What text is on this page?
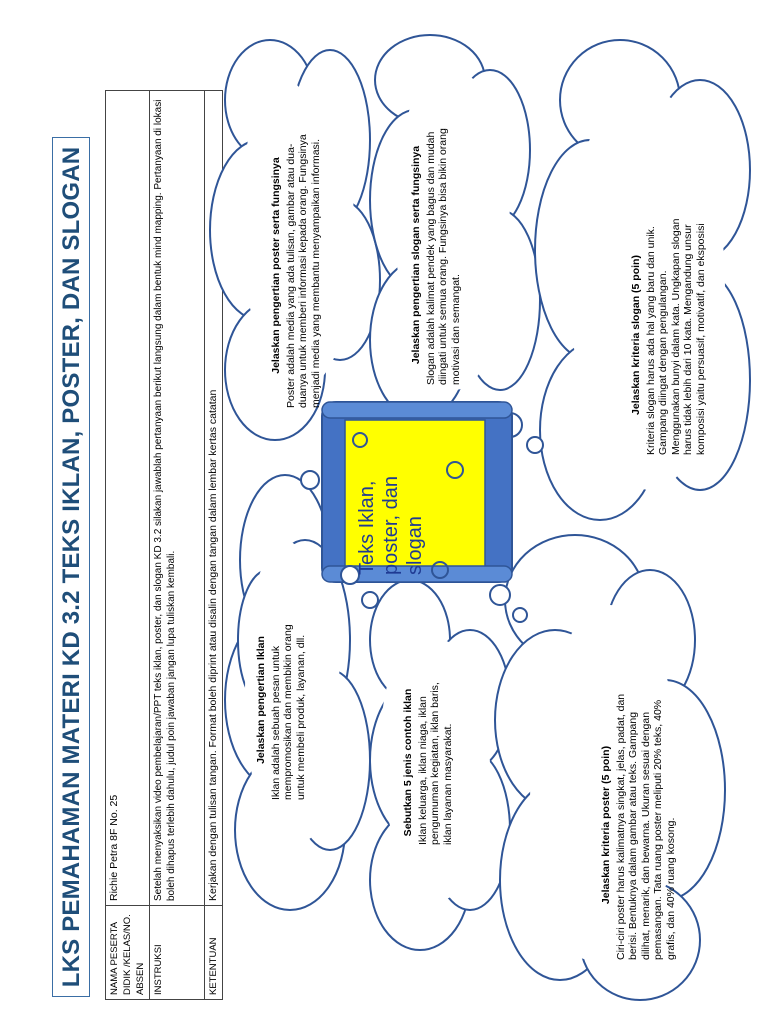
LKS PEMAHAMAN MATERI KD 3.2 TEKS IKLAN, POSTER, DAN SLOGAN	NAMA PESERTA DIDIK /KELAS/NO. ABSEN	Richie Petra 8F No. 25
INSTRUKSI	Setelah menyaksikan video pembelajaran/PPT teks iklan, poster, dan slogan KD 3.2 silakan jawablah pertanyaan berikut langsung dalam bentuk mind mapping. Pertanyaan di lokasi boleh dihapus terlebih dahulu, judul poin jawaban jangan lupa tuliskan kembali.
KETENTUAN	Kerjakan dengan tulisan tangan. Format boleh diprint atau disalin dengan tangan dalam lembar kertas catatan	Teks Iklan, poster, dan slogan
Jelaskan pengertian Iklan Iklan adalah sebuah pesan untuk mempromosikan dan membikin orang untuk membeli produk, layanan, dll.	Sebutkan 5 jenis contoh iklan Iklan keluarga, iklan niaga, iklan pengumuman kegiatan, iklan baris, iklan layanan masyarakat.	Jelaskan kriteria poster (5 poin) Ciri-ciri poster harus kalimatnya singkat, jelas, padat, dan berisi. Bentuknya dalam gambar atau teks. Gampang dilihat, menarik, dan bewarna. Ukuran sesuai dengan pemasangan. Tata ruang poster meliputi 20% teks, 40% grafis, dan 40% ruang kosong.
Jelaskan pengertian poster serta fungsinya Poster adalah media yang ada tulisan, gambar atau dua-duanya untuk memberi informasi kepada orang. Fungsinya menjadi media yang membantu menyampaikan informasi.	Jelaskan pengertian slogan serta fungsinya Slogan adalah kalimat pendek yang bagus dan mudah diingati untuk semua orang. Fungsinya bisa bikin orang motivasi dan semangat.	Jelaskan kriteria slogan (5 poin) Kriteria slogan harus ada hal yang baru dan unik. Gampang diingat dengan pengulangan. Menggunakan bunyi dalam kata. Ungkapan slogan harus tidak lebih dari 10 kata. Mengandung unsur komposisi yaitu persuasif, motivatif, dan eksposisi
